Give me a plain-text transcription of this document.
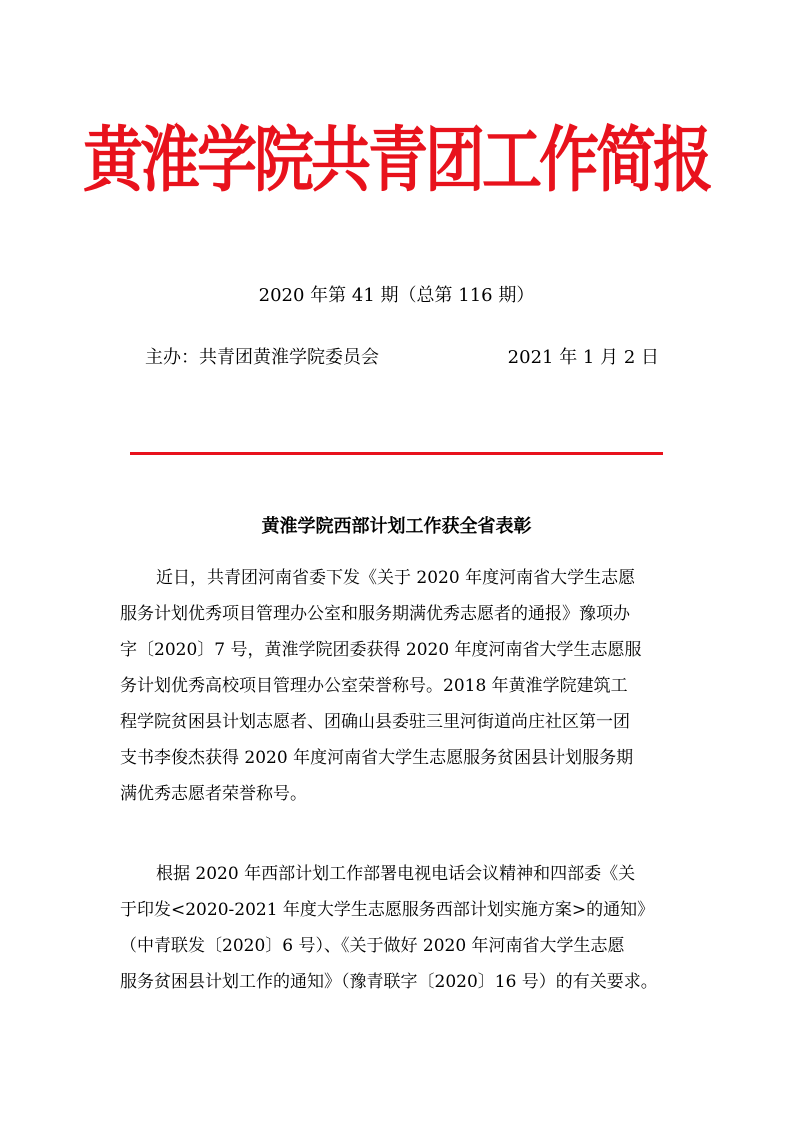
黄淮学院共青团工作简报
2020 年第 41 期（总第 116 期）
主办：共青团黄淮学院委员会	2021 年 1 月 2 日
黄淮学院西部计划工作获全省表彰

近日，共青团河南省委下发《关于 2020 年度河南省大学生志愿
服务计划优秀项目管理办公室和服务期满优秀志愿者的通报》豫项办
字〔2020〕7 号，黄淮学院团委获得 2020 年度河南省大学生志愿服
务计划优秀高校项目管理办公室荣誉称号。2018 年黄淮学院建筑工
程学院贫困县计划志愿者、团确山县委驻三里河街道尚庄社区第一团
支书李俊杰获得 2020 年度河南省大学生志愿服务贫困县计划服务期
满优秀志愿者荣誉称号。

根据 2020 年西部计划工作部署电视电话会议精神和四部委《关
于印发<2020-2021 年度大学生志愿服务西部计划实施方案>的通知》
（中青联发〔2020〕6 号）、《关于做好 2020 年河南省大学生志愿
服务贫困县计划工作的通知》（豫青联字〔2020〕16 号）的有关要求。
